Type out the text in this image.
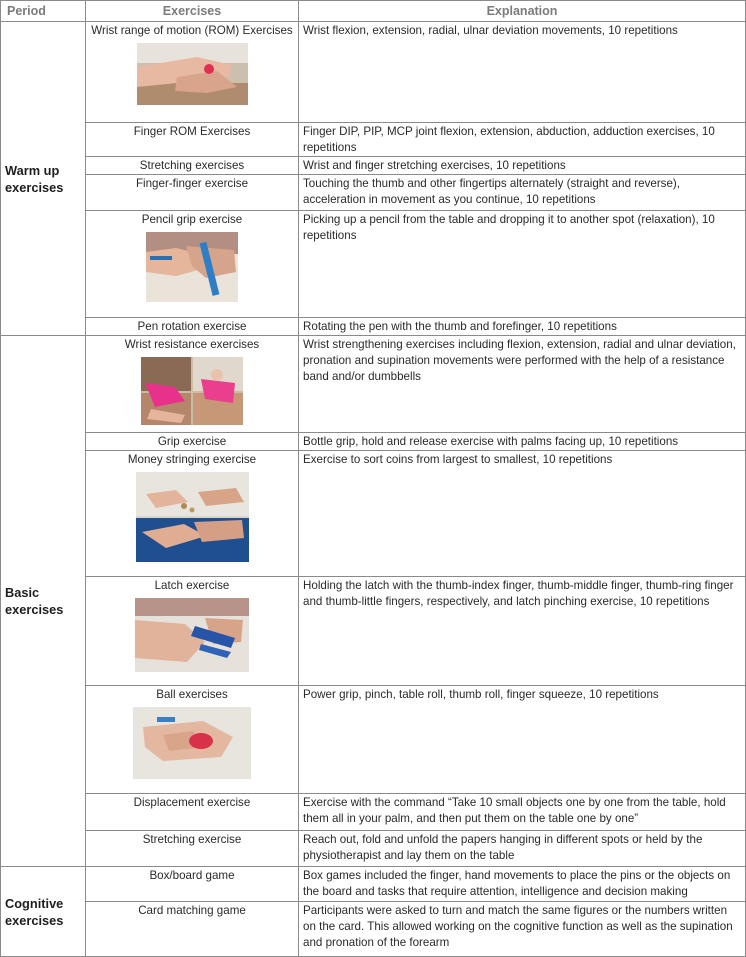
Period	Exercises	Explanation
Warm up exercises	Wrist range of motion (ROM) Exercises	Wrist flexion, extension, radial, ulnar deviation movements, 10 repetitions
	Finger ROM Exercises	Finger DIP, PIP, MCP joint flexion, extension, abduction, adduction exercises, 10 repetitions
	Stretching exercises	Wrist and finger stretching exercises, 10 repetitions
	Finger-finger exercise	Touching the thumb and other fingertips alternately (straight and reverse), acceleration in movement as you continue, 10 repetitions

	Pencil grip exercise	Picking up a pencil from the table and dropping it to another spot (relaxation), 10 repetitions
	Pen rotation exercise	Rotating the pen with the thumb and forefinger, 10 repetitions
Basic exercises	Wrist resistance exercises	Wrist strengthening exercises including flexion, extension, radial and ulnar deviation, pronation and supination movements were performed with the help of a resistance band and/or dumbbells
	Grip exercise	Bottle grip, hold and release exercise with palms facing up, 10 repetitions

	Money stringing exercise	Exercise to sort coins from largest to smallest, 10 repetitions

	Latch exercise	Holding the latch with the thumb-index finger, thumb-middle finger, thumb-ring finger and thumb-little fingers, respectively, and latch pinching exercise, 10 repetitions

	Ball exercises	Power grip, pinch, table roll, thumb roll, finger squeeze, 10 repetitions
	Displacement exercise	Exercise with the command “Take 10 small objects one by one from the table, hold them all in your palm, and then put them on the table one by one”
	Stretching exercise	Reach out, fold and unfold the papers hanging in different spots or held by the physiotherapist and lay them on the table
Cognitive exercises	Box/board game	Box games included the finger, hand movements to place the pins or the objects on the board and tasks that require attention, intelligence and decision making
	Card matching game	Participants were asked to turn and match the same figures or the numbers written on the card. This allowed working on the cognitive function as well as the supination and pronation of the forearm
